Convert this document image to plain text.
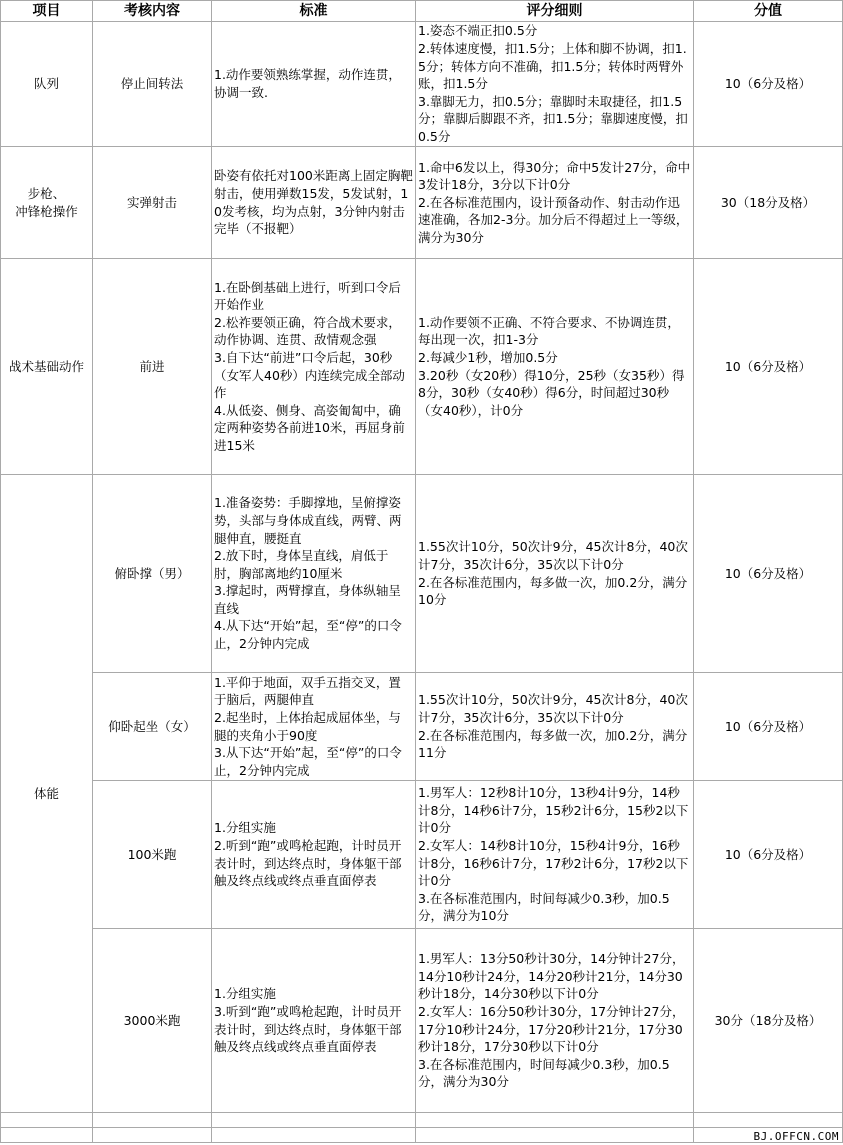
项目	考核内容	标准	评分细则	分值
队列	停止间转法	1.动作要领熟练掌握，动作连贯，协调一致.	1.姿态不端正扣0.5分
2.转体速度慢，扣1.5分；上体和脚不协调，扣1.5分；转体方向不准确，扣1.5分；转体时两臂外账，扣1.5分
3.靠脚无力，扣0.5分；靠脚时未取捷径，扣1.5分；靠脚后脚跟不齐，扣1.5分；靠脚速度慢，扣0.5分	10（6分及格）
步枪、
冲锋枪操作	实弹射击	卧姿有依托对100米距离上固定胸靶射击，使用弹数15发，5发试射，10发考核，均为点射，3分钟内射击完毕（不报靶）	1.命中6发以上，得30分；命中5发计27分，命中3发计18分，3分以下计0分
2.在各标准范围内，设计预备动作、射击动作迅速准确，各加2-3分。加分后不得超过上一等级，满分为30分	30（18分及格）
战术基础动作	前进	1.在卧倒基础上进行，听到口令后开始作业
2.松祚要领正确，符合战术要求，动作协调、连贯、敌情观念强
3.自下达“前进”口令后起，30秒（女军人40秒）内连续完成全部动作
4.从低姿、侧身、高姿匍匐中，确定两种姿势各前进10米，再屈身前进15米	1.动作要领不正确、不符合要求、不协调连贯，每出现一次，扣1-3分
2.每减少1秒，增加0.5分
3.20秒（女20秒）得10分，25秒（女35秒）得8分，30秒（女40秒）得6分，时间超过30秒（女40秒），计0分	10（6分及格）
体能	俯卧撑（男）	1.准备姿势：手脚撑地，呈俯撑姿势，头部与身体成直线，两臂、两腿伸直，腰挺直
2.放下时，身体呈直线，肩低于肘，胸部离地约10厘米
3.撑起时，两臂撑直，身体纵轴呈直线
4.从下达“开始”起，至“停”的口令止，2分钟内完成	1.55次计10分，50次计9分，45次计8分，40次计7分，35次计6分，35次以下计0分
2.在各标准范围内，每多做一次，加0.2分，满分10分	10（6分及格）
	仰卧起坐（女）	1.平仰于地面，双手五指交叉，置于脑后，两腿伸直
2.起坐时，上体抬起成屈体坐，与腿的夹角小于90度
3.从下达“开始”起，至“停”的口令止，2分钟内完成	1.55次计10分，50次计9分，45次计8分，40次计7分，35次计6分，35次以下计0分
2.在各标准范围内，每多做一次，加0.2分，满分11分	10（6分及格）
	100米跑	1.分组实施
2.听到“跑”或鸣枪起跑，计时员开表计时，到达终点时，身体躯干部触及终点线或终点垂直面停表	1.男军人：12秒8计10分，13秒4计9分，14秒计8分，14秒6计7分，15秒2计6分，15秒2以下计0分
2.女军人：14秒8计10分，15秒4计9分，16秒计8分，16秒6计7分，17秒2计6分，17秒2以下计0分
3.在各标准范围内，时间每减少0.3秒，加0.5分，满分为10分	10（6分及格）
	3000米跑	1.分组实施
3.听到“跑”或鸣枪起跑，计时员开表计时，到达终点时，身体躯干部触及终点线或终点垂直面停表	1.男军人：13分50秒计30分，14分钟计27分，14分10秒计24分，14分20秒计21分，14分30秒计18分，14分30秒以下计0分
2.女军人：16分50秒计30分，17分钟计27分，17分10秒计24分，17分20秒计21分，17分30秒计18分，17分30秒以下计0分
3.在各标准范围内，时间每减少0.3秒，加0.5分，满分为30分	30分（18分及格）

BJ.OFFCN.COM
